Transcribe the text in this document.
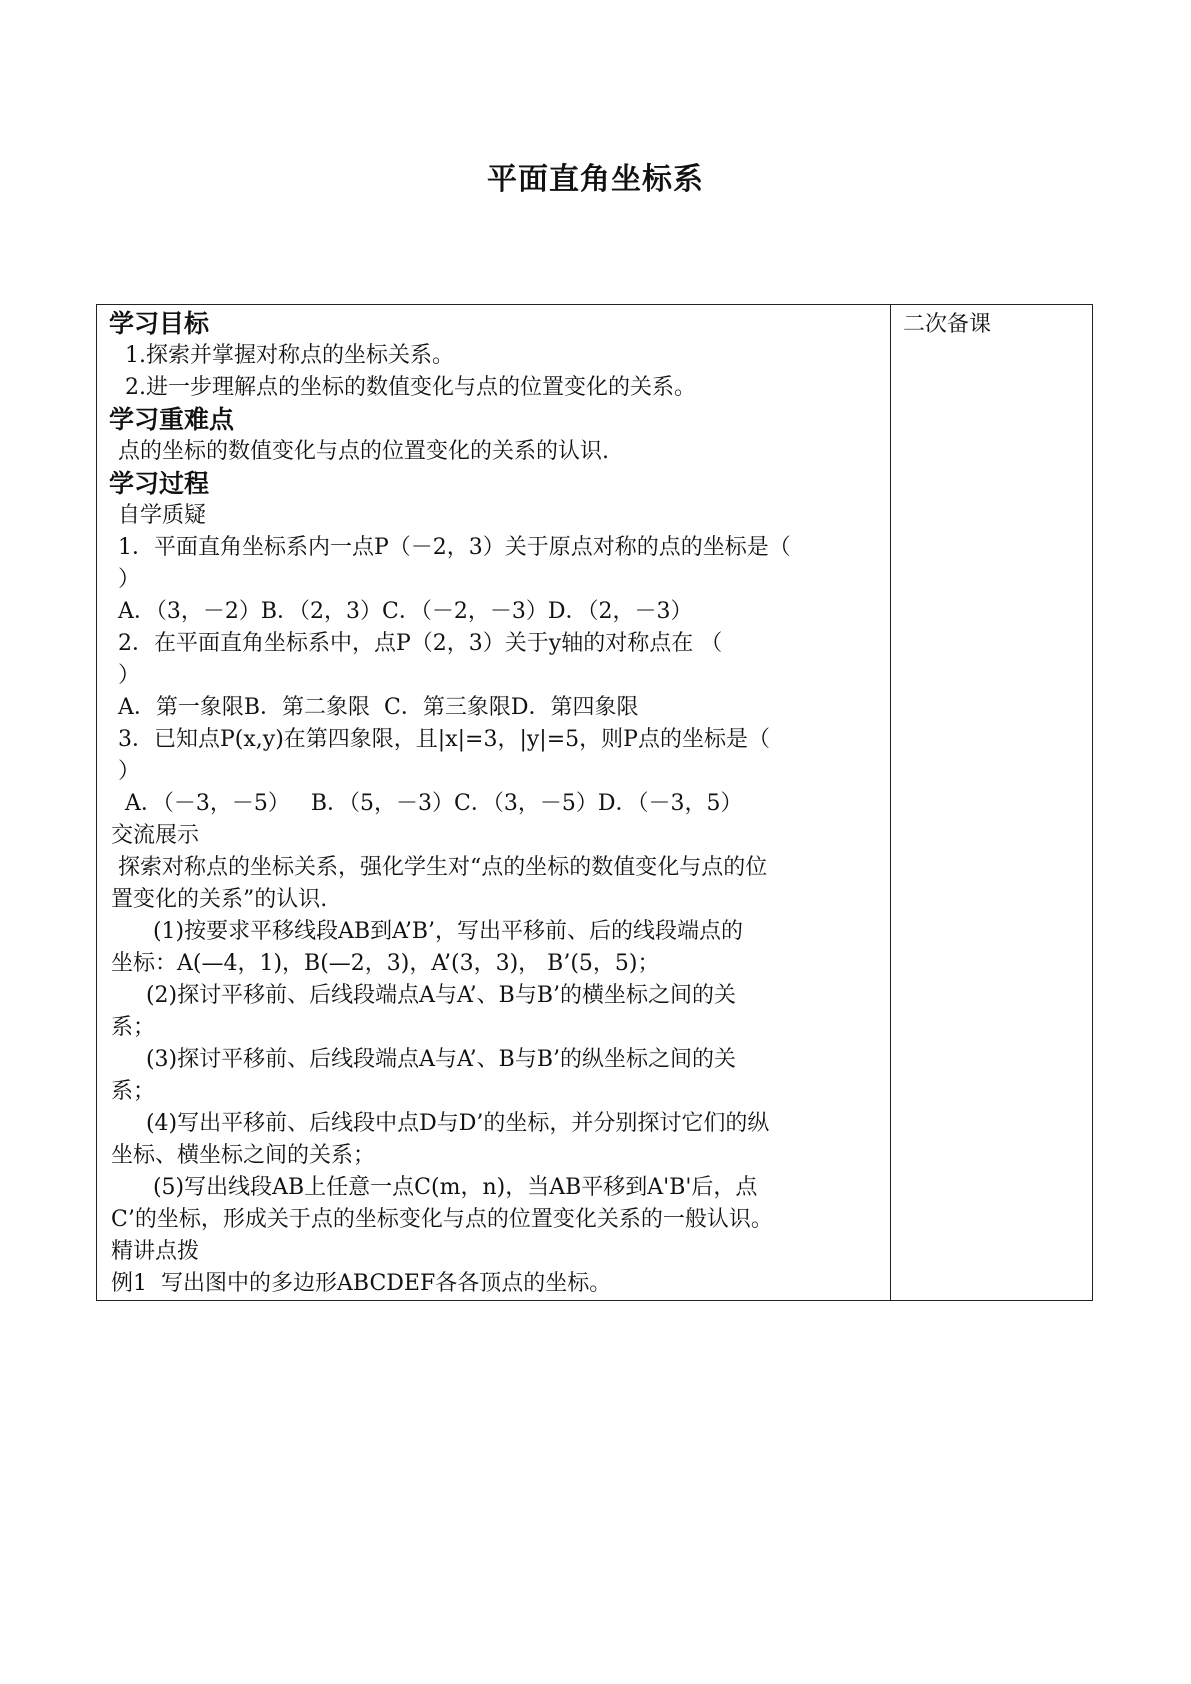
平面直角坐标系
学习目标
1.探索并掌握对称点的坐标关系。
2.进一步理解点的坐标的数值变化与点的位置变化的关系。
学习重难点
点的坐标的数值变化与点的位置变化的关系的认识.
学习过程
自学质疑
1．平面直角坐标系内一点P（－2，3）关于原点对称的点的坐标是（
）
A．（3，－2）B．（2，3）C．（－2，－3）D．（2，－3）
2．在平面直角坐标系中，点P（2，3）关于y轴的对称点在 （
）
A．第一象限B．第二象限  C．第三象限D．第四象限
3．已知点P(x,y)在第四象限，且|x|=3，|y|=5，则P点的坐标是（
）
A．（－3，－5）   B．（5，－3）C．（3，－5）D．（－3，5）
交流展示
探索对称点的坐标关系，强化学生对“点的坐标的数值变化与点的位
置变化的关系”的认识.
(1)按要求平移线段AB到A’B’，写出平移前、后的线段端点的
坐标：A(—4，1)，B(—2，3)，A’(3，3)， B’(5，5)；
(2)探讨平移前、后线段端点A与A’、B与B’的横坐标之间的关
系；
(3)探讨平移前、后线段端点A与A’、B与B’的纵坐标之间的关
系；
(4)写出平移前、后线段中点D与D’的坐标，并分别探讨它们的纵
坐标、横坐标之间的关系；
(5)写出线段AB上任意一点C(m，n)，当AB平移到A'B'后，点
C’的坐标，形成关于点的坐标变化与点的位置变化关系的一般认识。
精讲点拨
例1  写出图中的多边形ABCDEF各各顶点的坐标。

二次备课
